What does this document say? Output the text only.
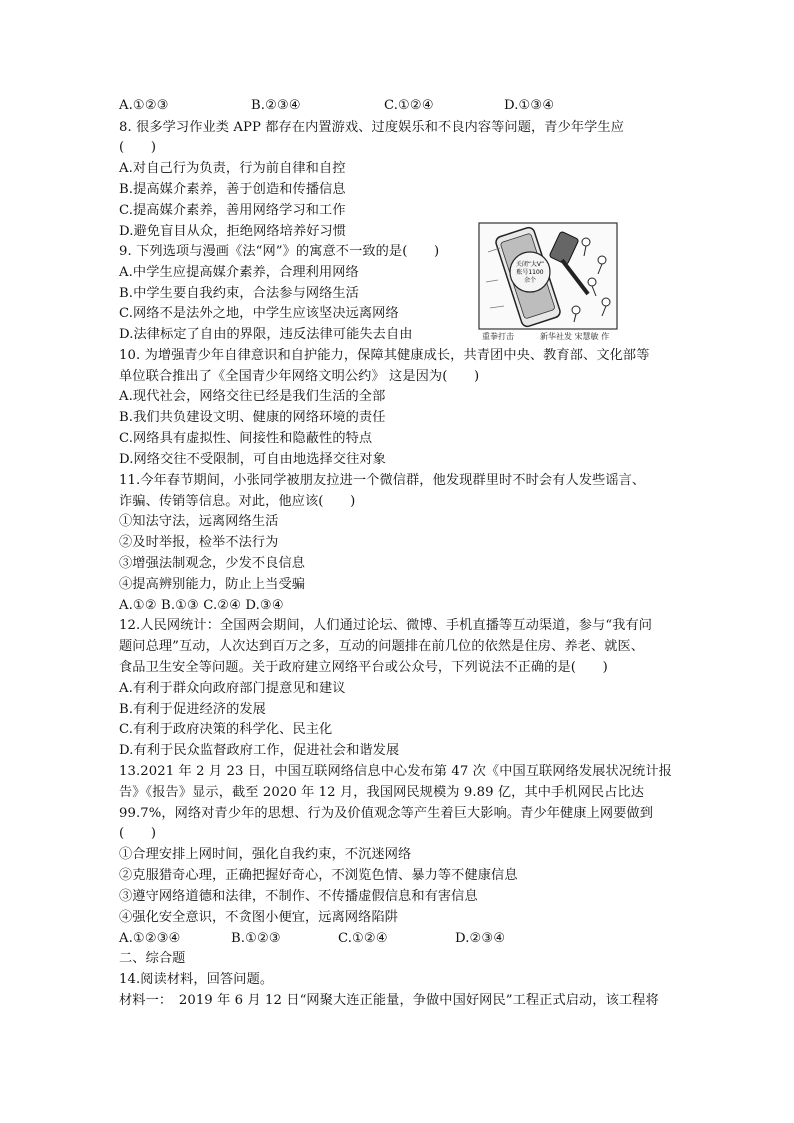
A.①②③	B.②③④	C.①②④	D.①③④
8. 很多学习作业类 APP 都存在内置游戏、过度娱乐和不良内容等问题，青少年学生应
(　　)
A.对自己行为负责，行为前自律和自控
B.提高媒介素养，善于创造和传播信息
C.提高媒介素养，善用网络学习和工作
D.避免盲目从众，拒绝网络培养好习惯
9. 下列选项与漫画《法“网”》的寓意不一致的是(　　)
A.中学生应提高媒介素养，合理利用网络
B.中学生要自我约束，合法参与网络生活
C.网络不是法外之地，中学生应该坚决远离网络
D.法律标定了自由的界限，违反法律可能失去自由
关闭“大V”
账号1100
余个
重拳打击	新华社发 宋慧敏 作
10. 为增强青少年自律意识和自护能力，保障其健康成长，共青团中央、教育部、文化部等
单位联合推出了《全国青少年网络文明公约》 这是因为(　　)
A.现代社会，网络交往已经是我们生活的全部
B.我们共负建设文明、健康的网络环境的责任
C.网络具有虚拟性、间接性和隐蔽性的特点
D.网络交往不受限制，可自由地选择交往对象
11.今年春节期间，小张同学被朋友拉进一个微信群，他发现群里时不时会有人发些谣言、
诈骗、传销等信息。对此，他应该(　　)
①知法守法，远离网络生活
②及时举报，检举不法行为
③增强法制观念，少发不良信息
④提高辨别能力，防止上当受骗
A.①② B.①③ C.②④ D.③④
12.人民网统计：全国两会期间，人们通过论坛、微博、手机直播等互动渠道，参与“我有问
题问总理”互动，人次达到百万之多，互动的问题排在前几位的依然是住房、养老、就医、
食品卫生安全等问题。关于政府建立网络平台或公众号，下列说法不正确的是(　　)
A.有利于群众向政府部门提意见和建议
B.有利于促进经济的发展
C.有利于政府决策的科学化、民主化
D.有利于民众监督政府工作，促进社会和谐发展
13.2021 年 2 月 23 日，中国互联网络信息中心发布第 47 次《中国互联网络发展状况统计报
告》《报告》显示，截至 2020 年 12 月，我国网民规模为 9.89 亿，其中手机网民占比达
99.7%，网络对青少年的思想、行为及价值观念等产生着巨大影响。青少年健康上网要做到
(　　)
①合理安排上网时间，强化自我约束，不沉迷网络
②克服猎奇心理，正确把握好奇心，不浏览色情、暴力等不健康信息
③遵守网络道德和法律，不制作、不传播虚假信息和有害信息
④强化安全意识，不贪图小便宜，远离网络陷阱
A.①②③④	B.①②③	C.①②④	D.②③④
二、综合题
14.阅读材料，回答问题。
材料一：　2019 年 6 月 12 日“网聚大连正能量，争做中国好网民”工程正式启动，该工程将
